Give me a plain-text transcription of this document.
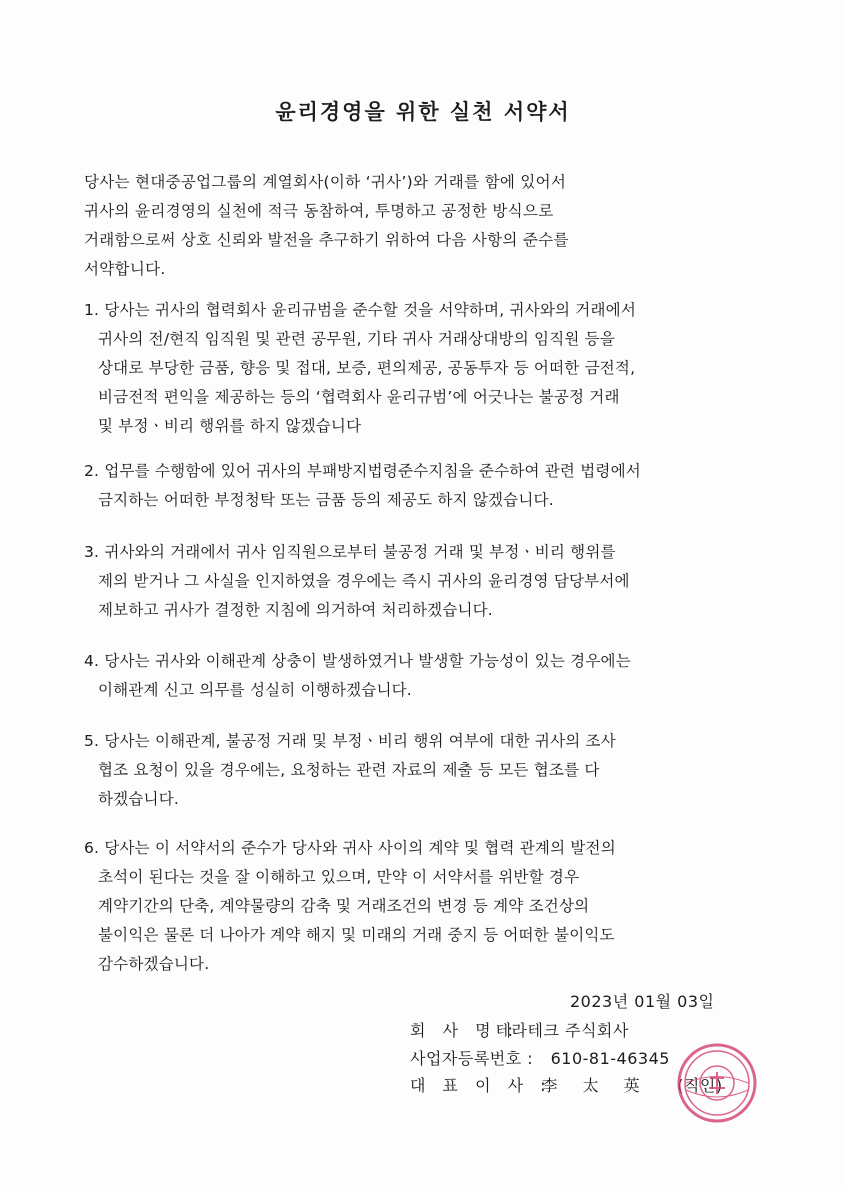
윤리경영을 위한 실천 서약서
당사는 현대중공업그룹의 계열회사(이하 ‘귀사’)와 거래를 함에 있어서
귀사의 윤리경영의 실천에 적극 동참하여, 투명하고 공정한 방식으로
거래함으로써 상호 신뢰와 발전을 추구하기 위하여 다음 사항의 준수를
서약합니다.
1. 당사는 귀사의 협력회사 윤리규범을 준수할 것을 서약하며, 귀사와의 거래에서
귀사의 전/현직 임직원 및 관련 공무원, 기타 귀사 거래상대방의 임직원 등을
상대로 부당한 금품, 향응 및 접대, 보증, 편의제공, 공동투자 등 어떠한 금전적,
비금전적 편익을 제공하는 등의 ‘협력회사 윤리규범’에 어긋나는 불공정 거래
및 부정ㆍ비리 행위를 하지 않겠습니다
2. 업무를 수행함에 있어 귀사의 부패방지법령준수지침을 준수하여 관련 법령에서
금지하는 어떠한 부정청탁 또는 금품 등의 제공도 하지 않겠습니다.
3. 귀사와의 거래에서 귀사 임직원으로부터 불공정 거래 및 부정ㆍ비리 행위를
제의 받거나 그 사실을 인지하였을 경우에는 즉시 귀사의 윤리경영 담당부서에
제보하고 귀사가 결정한 지침에 의거하여 처리하겠습니다.
4. 당사는 귀사와 이해관계 상충이 발생하였거나 발생할 가능성이 있는 경우에는
이해관계 신고 의무를 성실히 이행하겠습니다.
5. 당사는 이해관계, 불공정 거래 및 부정ㆍ비리 행위 여부에 대한 귀사의 조사
협조 요청이 있을 경우에는, 요청하는 관련 자료의 제출 등 모든 협조를 다
하겠습니다.
6. 당사는 이 서약서의 준수가 당사와 귀사 사이의 계약 및 협력 관계의 발전의
초석이 된다는 것을 잘 이해하고 있으며, 만약 이 서약서를 위반할 경우
계약기간의 단축, 계약물량의 감축 및 거래조건의 변경 등 계약 조건상의
불이익은 물론 더 나아가 계약 해지 및 미래의 거래 중지 등 어떠한 불이익도
감수하겠습니다.
2023년 01월 03일
회 사 명 : 테라테크 주식회사
사업자등록번호 : 610-81-46345
대 표 이 사 : 李 太 英 (직인)
